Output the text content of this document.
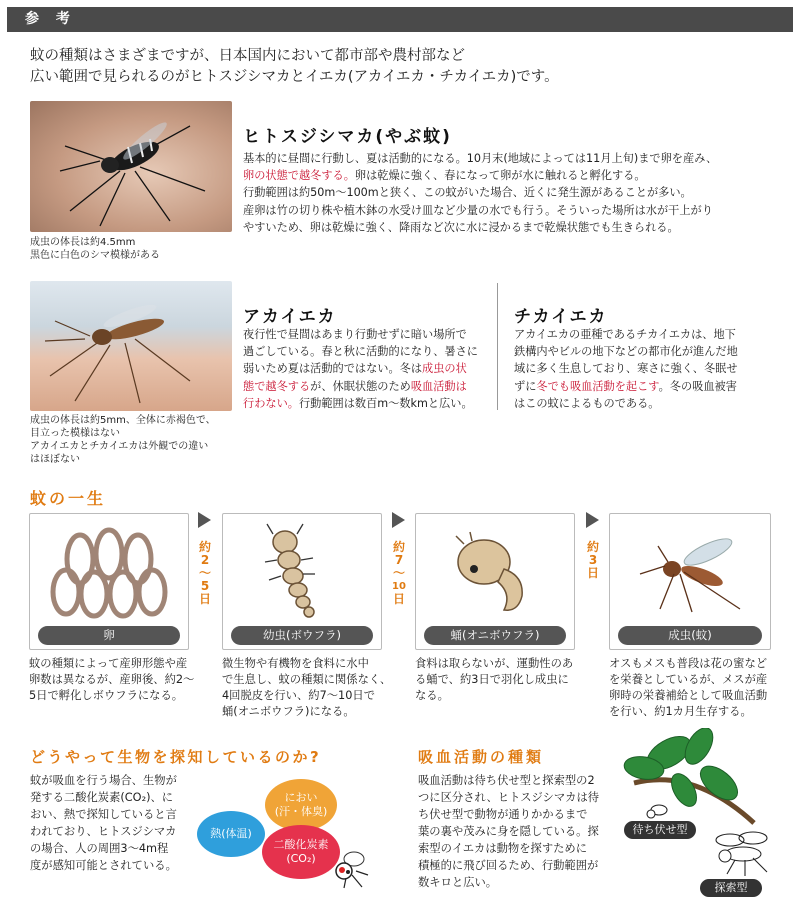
参 考
蚊の種類はさまざまですが、日本国内において都市部や農村部など
広い範囲で見られるのがヒトスジシマカとイエカ(アカイエカ・チカイエカ)です。
成虫の体長は約4.5mm
黒色に白色のシマ模様がある
ヒトスジシマカ(やぶ蚊)
基本的に昼間に行動し、夏は活動的になる。10月末(地域によっては11月上旬)まで卵を産み、
卵の状態で越冬する。卵は乾燥に強く、春になって卵が水に触れると孵化する。
行動範囲は約50m〜100mと狭く、この蚊がいた場合、近くに発生源があることが多い。
産卵は竹の切り株や植木鉢の水受け皿など少量の水でも行う。そういった場所は水が干上がり
やすいため、卵は乾燥に強く、降雨など次に水に浸かるまで乾燥状態でも生きられる。
成虫の体長は約5mm、全体に赤褐色で、
目立った模様はない
アカイエカとチカイエカは外観での違い
はほぼない
アカイエカ
夜行性で昼間はあまり行動せずに暗い場所で
過ごしている。春と秋に活動的になり、暑さに
弱いため夏は活動的ではない。冬は成虫の状
態で越冬するが、休眠状態のため吸血活動は
行わない。行動範囲は数百m〜数kmと広い。
チカイエカ
アカイエカの亜種であるチカイエカは、地下
鉄構内やビルの地下などの都市化が進んだ地
域に多く生息しており、寒さに強く、冬眠せ
ずに冬でも吸血活動を起こす。冬の吸血被害
はこの蚊によるものである。
蚊の一生
卵	幼虫(ボウフラ)	蛹(オニボウフラ)	成虫(蚊)
約
2
〜
5
日
約
7
〜
10
日
約
3
日
蚊の種類によって産卵形態や産
卵数は異なるが、産卵後、約2〜
5日で孵化しボウフラになる。
微生物や有機物を食料に水中
で生息し、蚊の種類に関係なく、
4回脱皮を行い、約7〜10日で
蛹(オニボウフラ)になる。
食料は取らないが、運動性のあ
る蛹で、約3日で羽化し成虫に
なる。
オスもメスも普段は花の蜜など
を栄養としているが、メスが産
卵時の栄養補給として吸血活動
を行い、約1カ月生存する。
どうやって生物を探知しているのか?
蚊が吸血を行う場合、生物が
発する二酸化炭素(CO₂)、に
おい、熱で探知していると言
われており、ヒトスジシマカ
の場合、人の周囲3〜4m程
度が感知可能とされている。
におい
(汗・体臭)
熱(体温)
二酸化炭素
(CO₂)
吸血活動の種類
吸血活動は待ち伏せ型と探索型の2
つに区分され、ヒトスジシマカは待
ち伏せ型で動物が通りかかるまで
葉の裏や茂みに身を隠している。探
索型のイエカは動物を探すために
積極的に飛び回るため、行動範囲が
数キロと広い。
待ち伏せ型
探索型
